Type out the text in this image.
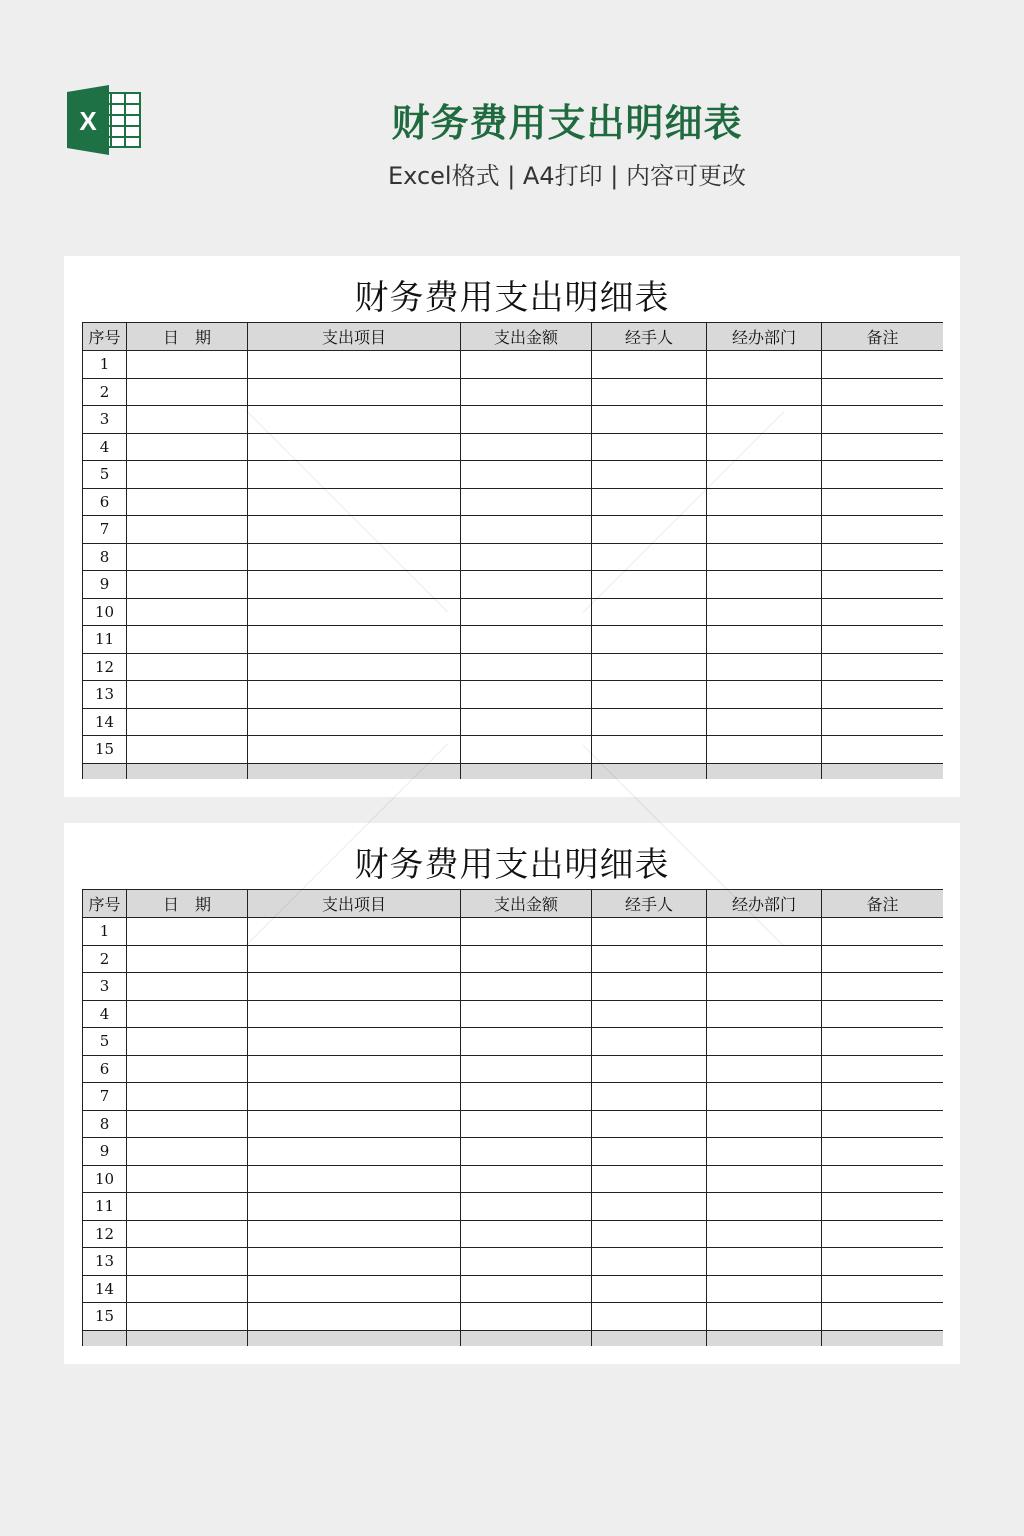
X	财务费用支出明细表
Excel格式 | A4打印 | 内容可更改
财务费用支出明细表
序号	日　期	支出项目	支出金额	经手人	经办部门	备注
1						
2						
3						
4						
5						
6						
7						
8						
9						
10						
11						
12						
13						
14						
15						

财务费用支出明细表
序号	日　期	支出项目	支出金额	经手人	经办部门	备注
1						
2						
3						
4						
5						
6						
7						
8						
9						
10						
11						
12						
13						
14						
15						
